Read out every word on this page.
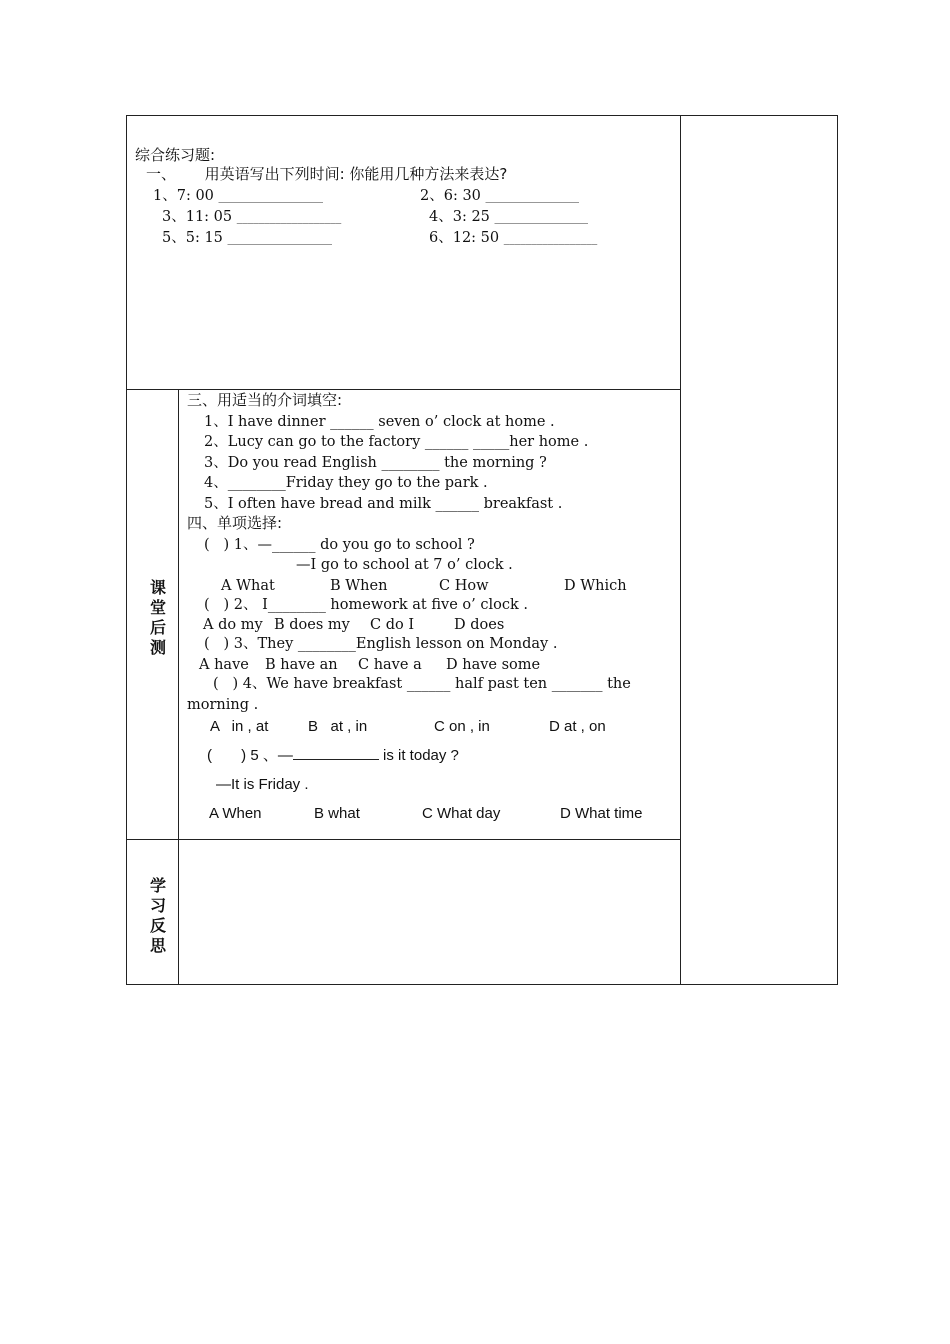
综合练习题:
一、      用英语写出下列时间: 你能用几种方法来表达?
1、7: 00 ___________________	2、6: 30 _________________
3、11: 05 ___________________	4、3: 25 _________________
5、5: 15 ___________________	6、12: 50 _________________
课
堂
后
测
三、用适当的介词填空:
1、I have dinner ______ seven o’ clock at home .
2、Lucy can go to the factory ______ _____her home .
3、Do you read English ________ the morning ?
4、________Friday they go to the park .
5、I often have bread and milk ______ breakfast .
四、单项选择:
(   ) 1、—______ do you go to school ?
—I go to school at 7 o’ clock .
A What	B When	C How	D Which
(   ) 2、 I________ homework at five o’ clock .
A do my B does my C do I	D does
(   ) 3、They ________English lesson on Monday .
A have B have an C have a D have some
(   ) 4、We have breakfast ______ half past ten _______ the
morning .
A   in , at	B   at , in	C on , in	D at , on
(       ) 5 、—	is it today ?
—It is Friday .
A When	B what	C What day	D What time
学
习
反
思
